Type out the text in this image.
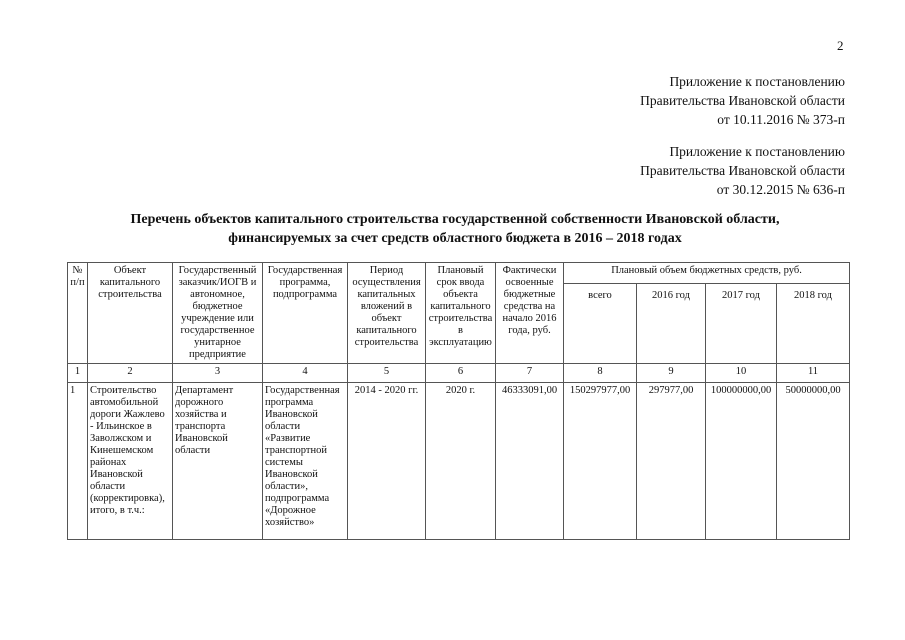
2
Приложение к постановлению
Правительства Ивановской области
от 10.11.2016 № 373-п
Приложение к постановлению
Правительства Ивановской области
от 30.12.2015 № 636-п
Перечень объектов капитального строительства государственной собственности Ивановской области,
финансируемых за счет средств областного бюджета в 2016 – 2018 годах
№ п/п	Объект капитального строительства	Государственный заказчик/ИОГВ и автономное, бюджетное учреждение или государственное унитарное предприятие	Государственная программа, подпрограмма	Период осуществления капитальных вложений в объект капитального строительства	Плановый срок ввода объекта капитального строительства в эксплуатацию	Фактически освоенные бюджетные средства на начало 2016 года, руб.	Плановый объем бюджетных средств, руб.			
							всего	2016 год	2017 год	2018 год
1	2	3	4	5	6	7	8	9	10	11
1	Строительство автомобильной дороги Жажлево - Ильинское в Заволжском и Кинешемском районах Ивановской области (корректировка), итого, в т.ч.:	Департамент дорожного хозяйства и транспорта Ивановской области	Государственная программа Ивановской области «Развитие транспортной системы Ивановской области», подпрограмма «Дорожное хозяйство»	2014 - 2020 гг.	2020 г.	46333091,00	150297977,00	297977,00	100000000,00	50000000,00
